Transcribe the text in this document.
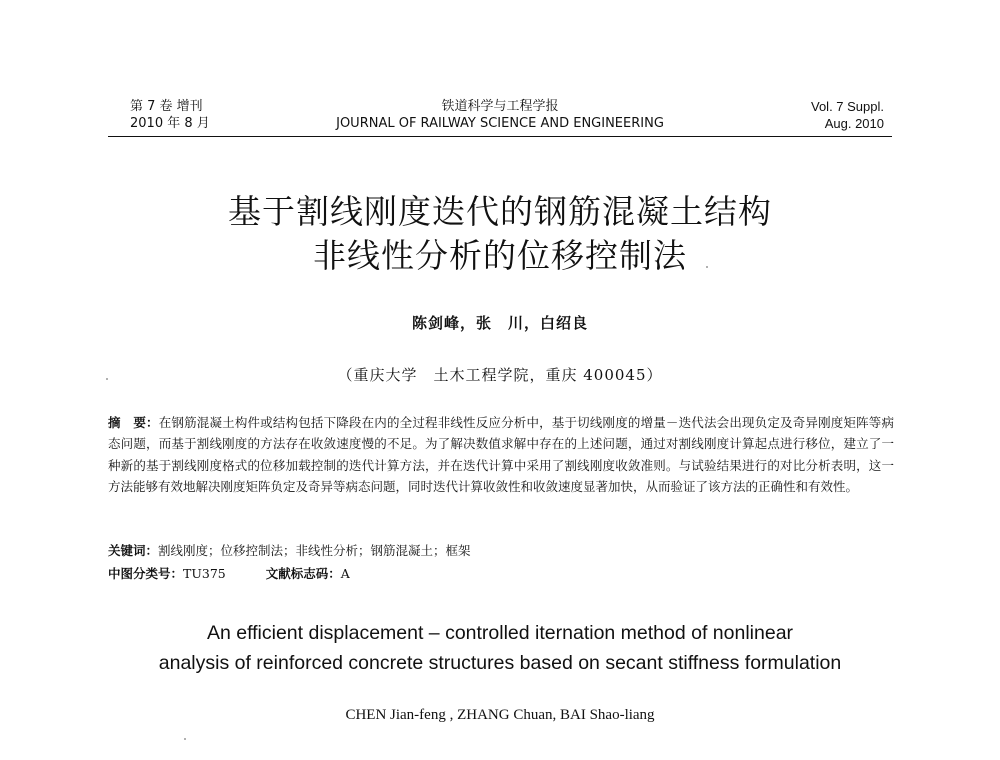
第 7 卷 增刊
2010 年 8 月
铁道科学与工程学报
JOURNAL OF RAILWAY SCIENCE AND ENGINEERING
Vol. 7 Suppl.
Aug. 2010
基于割线刚度迭代的钢筋混凝土结构
非线性分析的位移控制法
陈剑峰，张　川，白绍良
（重庆大学　土木工程学院，重庆 400045）
摘　要：在钢筋混凝土构件或结构包括下降段在内的全过程非线性反应分析中，基于切线刚度的增量－迭代法会出现负定及奇异刚度矩阵等病态问题，而基于割线刚度的方法存在收敛速度慢的不足。为了解决数值求解中存在的上述问题，通过对割线刚度计算起点进行移位，建立了一种新的基于割线刚度格式的位移加载控制的迭代计算方法，并在迭代计算中采用了割线刚度收敛准则。与试验结果进行的对比分析表明，这一方法能够有效地解决刚度矩阵负定及奇异等病态问题，同时迭代计算收敛性和收敛速度显著加快，从而验证了该方法的正确性和有效性。
关键词：割线刚度；位移控制法；非线性分析；钢筋混凝土；框架
中图分类号：TU375	文献标志码：A
An efficient displacement – controlled iternation method of nonlinear
analysis of reinforced concrete structures based on secant stiffness formulation
CHEN Jian-feng , ZHANG Chuan, BAI Shao-liang
